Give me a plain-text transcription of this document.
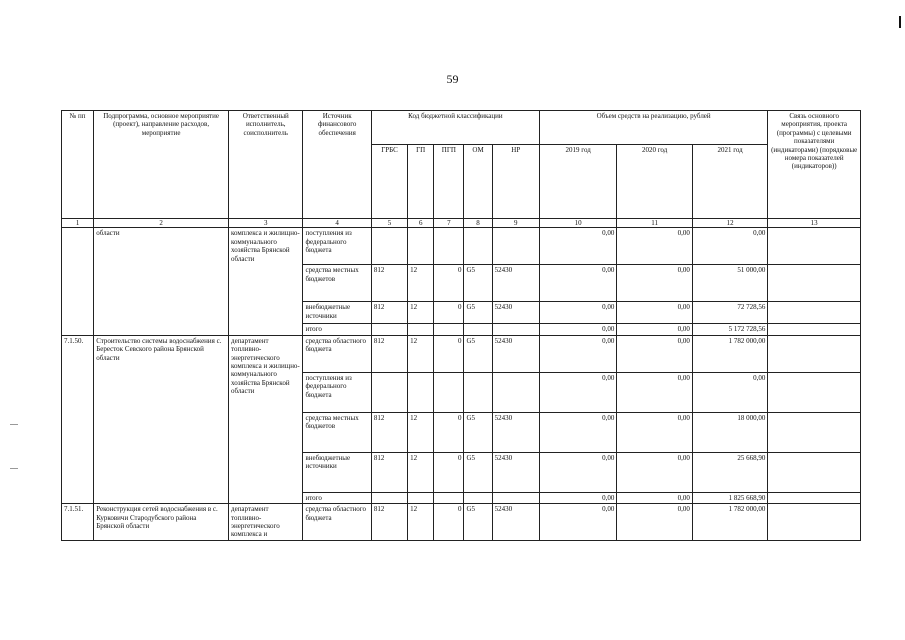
59
№ пп	Подпрограмма, основное мероприятие (проект), направление расходов, мероприятие	Ответственный исполнитель, соисполнитель	Источник финансового обеспечения	Код бюджетной классификации					Объем средств на реализацию, рублей			Связь основного мероприятия, проекта (программы) с целевыми показателями (индикаторами) (порядковые номера показателей (индикаторов))
				ГРБС	ГП	ПГП	ОМ	НР	2019 год	2020 год	2021 год	
1	2	3	4	5	6	7	8	9	10	11	12	13
	области	комплекса и жилищно-коммунального хозяйства Брянской области	поступления из федерального бюджета						0,00	0,00	0,00	
			средства местных бюджетов	812	12	0	G5	52430	0,00	0,00	51 000,00	
			внебюджетные источники	812	12	0	G5	52430	0,00	0,00	72 728,56	
			итого						0,00	0,00	5 172 728,56	
7.1.50.	Строительство системы водоснабжения с. Бересток Севского района Брянской области	департамент топливно-энергетического комплекса и жилищно-коммунального хозяйства Брянской области	средства областного бюджета	812	12	0	G5	52430	0,00	0,00	1 782 000,00	
			поступления из федерального бюджета						0,00	0,00	0,00	
			средства местных бюджетов	812	12	0	G5	52430	0,00	0,00	18 000,00	
			внебюджетные источники	812	12	0	G5	52430	0,00	0,00	25 668,90	
			итого						0,00	0,00	1 825 668,90	
7.1.51.	Реконструкция сетей водоснабжения в с. Курковичи Стародубского района Брянской области	департамент топливно-энергетического комплекса и	средства областного бюджета	812	12	0	G5	52430	0,00	0,00	1 782 000,00	
